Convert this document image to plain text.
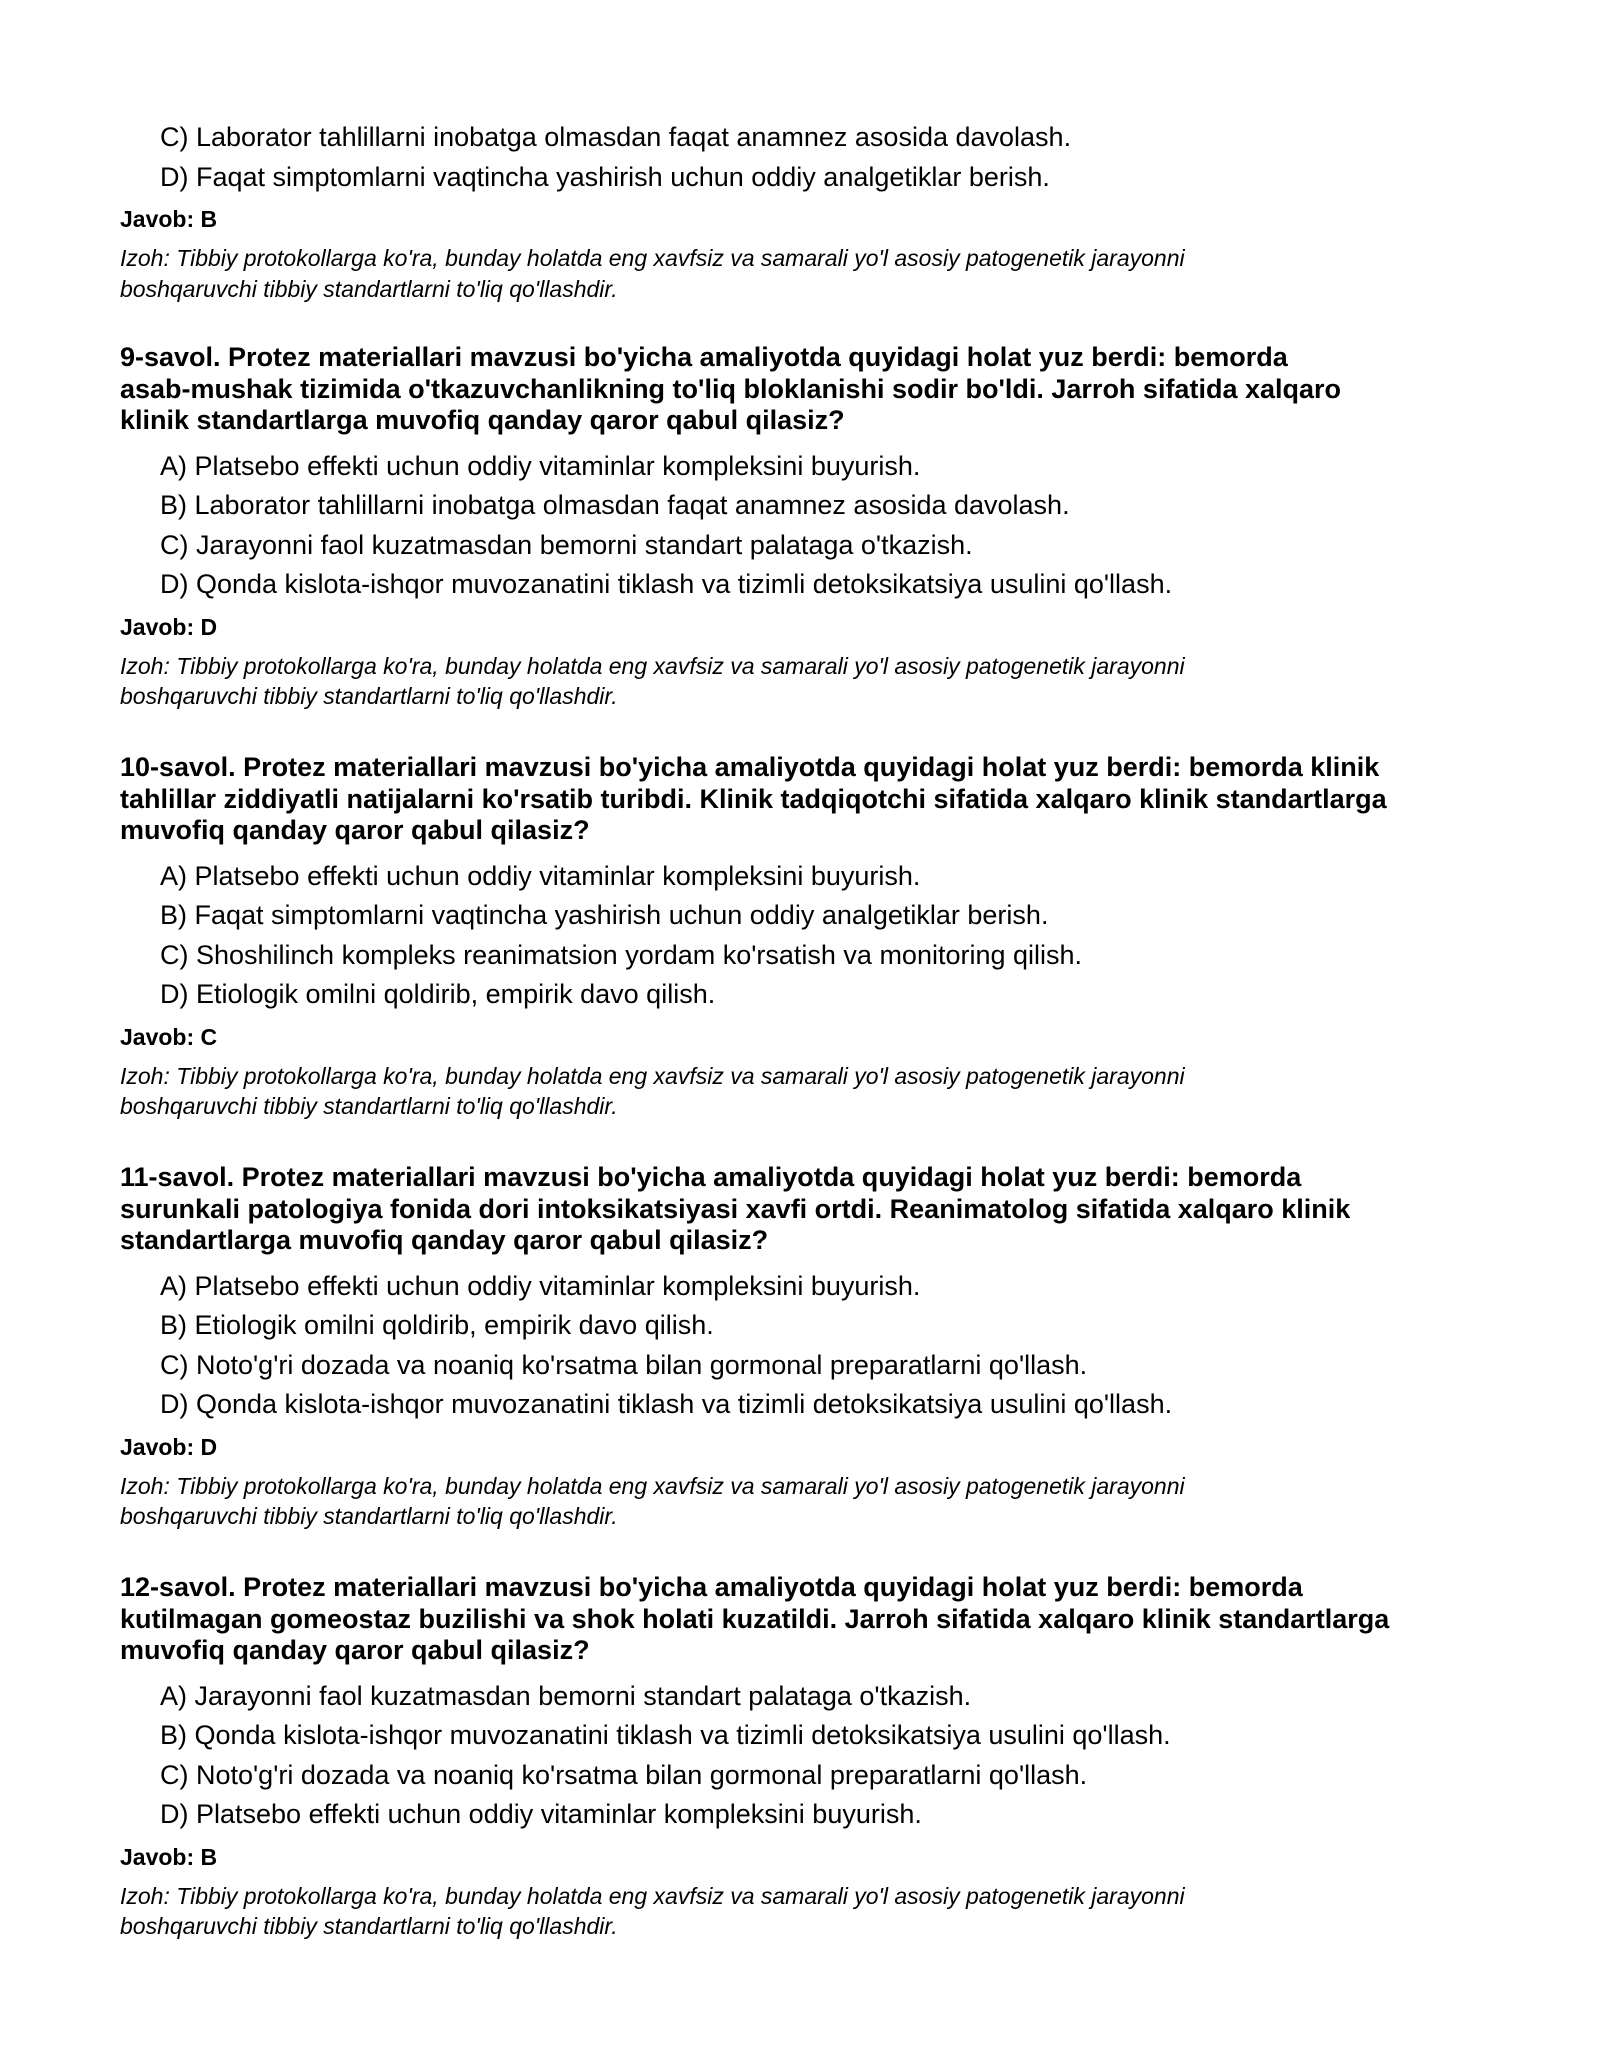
C) Laborator tahlillarni inobatga olmasdan faqat anamnez asosida davolash.
D) Faqat simptomlarni vaqtincha yashirish uchun oddiy analgetiklar berish.
Javob: B
Izoh: Tibbiy protokollarga ko'ra, bunday holatda eng xavfsiz va samarali yo'l asosiy patogenetik jarayonni
boshqaruvchi tibbiy standartlarni to'liq qo'llashdir.
9-savol. Protez materiallari mavzusi bo'yicha amaliyotda quyidagi holat yuz berdi: bemorda
asab-mushak tizimida o'tkazuvchanlikning to'liq bloklanishi sodir bo'ldi. Jarroh sifatida xalqaro
klinik standartlarga muvofiq qanday qaror qabul qilasiz?
A) Platsebo effekti uchun oddiy vitaminlar kompleksini buyurish.
B) Laborator tahlillarni inobatga olmasdan faqat anamnez asosida davolash.
C) Jarayonni faol kuzatmasdan bemorni standart palataga o'tkazish.
D) Qonda kislota-ishqor muvozanatini tiklash va tizimli detoksikatsiya usulini qo'llash.
Javob: D
Izoh: Tibbiy protokollarga ko'ra, bunday holatda eng xavfsiz va samarali yo'l asosiy patogenetik jarayonni
boshqaruvchi tibbiy standartlarni to'liq qo'llashdir.
10-savol. Protez materiallari mavzusi bo'yicha amaliyotda quyidagi holat yuz berdi: bemorda klinik
tahlillar ziddiyatli natijalarni ko'rsatib turibdi. Klinik tadqiqotchi sifatida xalqaro klinik standartlarga
muvofiq qanday qaror qabul qilasiz?
A) Platsebo effekti uchun oddiy vitaminlar kompleksini buyurish.
B) Faqat simptomlarni vaqtincha yashirish uchun oddiy analgetiklar berish.
C) Shoshilinch kompleks reanimatsion yordam ko'rsatish va monitoring qilish.
D) Etiologik omilni qoldirib, empirik davo qilish.
Javob: C
Izoh: Tibbiy protokollarga ko'ra, bunday holatda eng xavfsiz va samarali yo'l asosiy patogenetik jarayonni
boshqaruvchi tibbiy standartlarni to'liq qo'llashdir.
11-savol. Protez materiallari mavzusi bo'yicha amaliyotda quyidagi holat yuz berdi: bemorda
surunkali patologiya fonida dori intoksikatsiyasi xavfi ortdi. Reanimatolog sifatida xalqaro klinik
standartlarga muvofiq qanday qaror qabul qilasiz?
A) Platsebo effekti uchun oddiy vitaminlar kompleksini buyurish.
B) Etiologik omilni qoldirib, empirik davo qilish.
C) Noto'g'ri dozada va noaniq ko'rsatma bilan gormonal preparatlarni qo'llash.
D) Qonda kislota-ishqor muvozanatini tiklash va tizimli detoksikatsiya usulini qo'llash.
Javob: D
Izoh: Tibbiy protokollarga ko'ra, bunday holatda eng xavfsiz va samarali yo'l asosiy patogenetik jarayonni
boshqaruvchi tibbiy standartlarni to'liq qo'llashdir.
12-savol. Protez materiallari mavzusi bo'yicha amaliyotda quyidagi holat yuz berdi: bemorda
kutilmagan gomeostaz buzilishi va shok holati kuzatildi. Jarroh sifatida xalqaro klinik standartlarga
muvofiq qanday qaror qabul qilasiz?
A) Jarayonni faol kuzatmasdan bemorni standart palataga o'tkazish.
B) Qonda kislota-ishqor muvozanatini tiklash va tizimli detoksikatsiya usulini qo'llash.
C) Noto'g'ri dozada va noaniq ko'rsatma bilan gormonal preparatlarni qo'llash.
D) Platsebo effekti uchun oddiy vitaminlar kompleksini buyurish.
Javob: B
Izoh: Tibbiy protokollarga ko'ra, bunday holatda eng xavfsiz va samarali yo'l asosiy patogenetik jarayonni
boshqaruvchi tibbiy standartlarni to'liq qo'llashdir.
